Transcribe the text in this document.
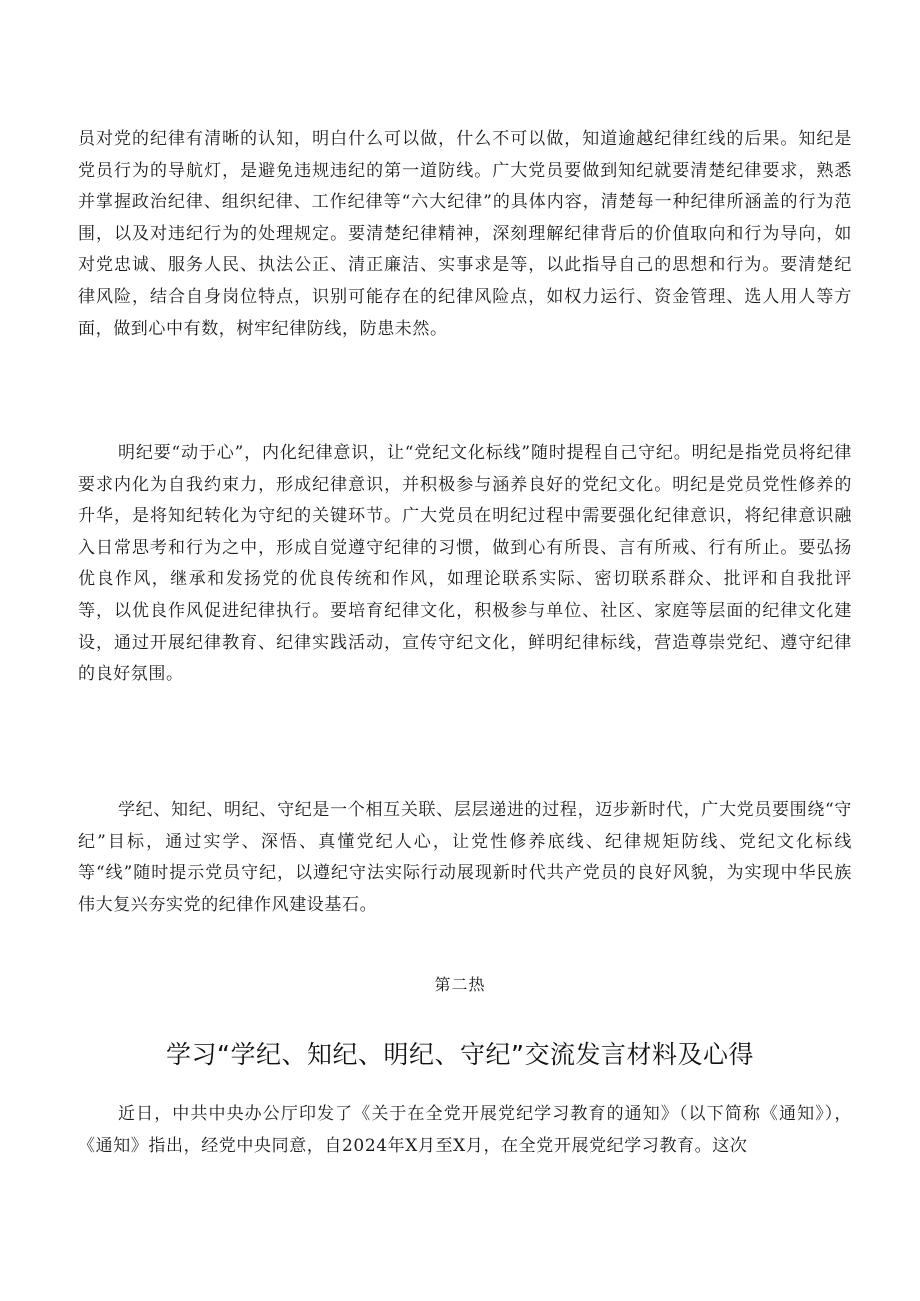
员对党的纪律有清晰的认知，明白什么可以做，什么不可以做，知道逾越纪律红线的后果。知纪是党员行为的导航灯，是避免违规违纪的第一道防线。广大党员要做到知纪就要清楚纪律要求，熟悉并掌握政治纪律、组织纪律、工作纪律等“六大纪律”的具体内容，清楚每一种纪律所涵盖的行为范围，以及对违纪行为的处理规定。要清楚纪律精神，深刻理解纪律背后的价值取向和行为导向，如对党忠诚、服务人民、执法公正、清正廉洁、实事求是等，以此指导自己的思想和行为。要清楚纪律风险，结合自身岗位特点，识别可能存在的纪律风险点，如权力运行、资金管理、选人用人等方面，做到心中有数，树牢纪律防线，防患未然。

明纪要“动于心”，内化纪律意识，让“党纪文化标线”随时提程自己守纪。明纪是指党员将纪律要求内化为自我约束力，形成纪律意识，并积极参与涵养良好的党纪文化。明纪是党员党性修养的升华，是将知纪转化为守纪的关键环节。广大党员在明纪过程中需要强化纪律意识，将纪律意识融入日常思考和行为之中，形成自觉遵守纪律的习惯，做到心有所畏、言有所戒、行有所止。要弘扬优良作风，继承和发扬党的优良传统和作风，如理论联系实际、密切联系群众、批评和自我批评等，以优良作风促进纪律执行。要培育纪律文化，积极参与单位、社区、家庭等层面的纪律文化建设，通过开展纪律教育、纪律实践活动，宣传守纪文化，鲜明纪律标线，营造尊崇党纪、遵守纪律的良好氛围。

学纪、知纪、明纪、守纪是一个相互关联、层层递进的过程，迈步新时代，广大党员要围绕“守纪”目标，通过实学、深悟、真懂党纪人心，让党性修养底线、纪律规矩防线、党纪文化标线等“线”随时提示党员守纪，以遵纪守法实际行动展现新时代共产党员的良好风貌，为实现中华民族伟大复兴夯实党的纪律作风建设基石。

第二热
学习“学纪、知纪、明纪、守纪”交流发言材料及心得

近日，中共中央办公厅印发了《关于在全党开展党纪学习教育的通知》（以下简称《通知》），《通知》指出，经党中央同意，自2024年X月至X月，在全党开展党纪学习教育。这次
